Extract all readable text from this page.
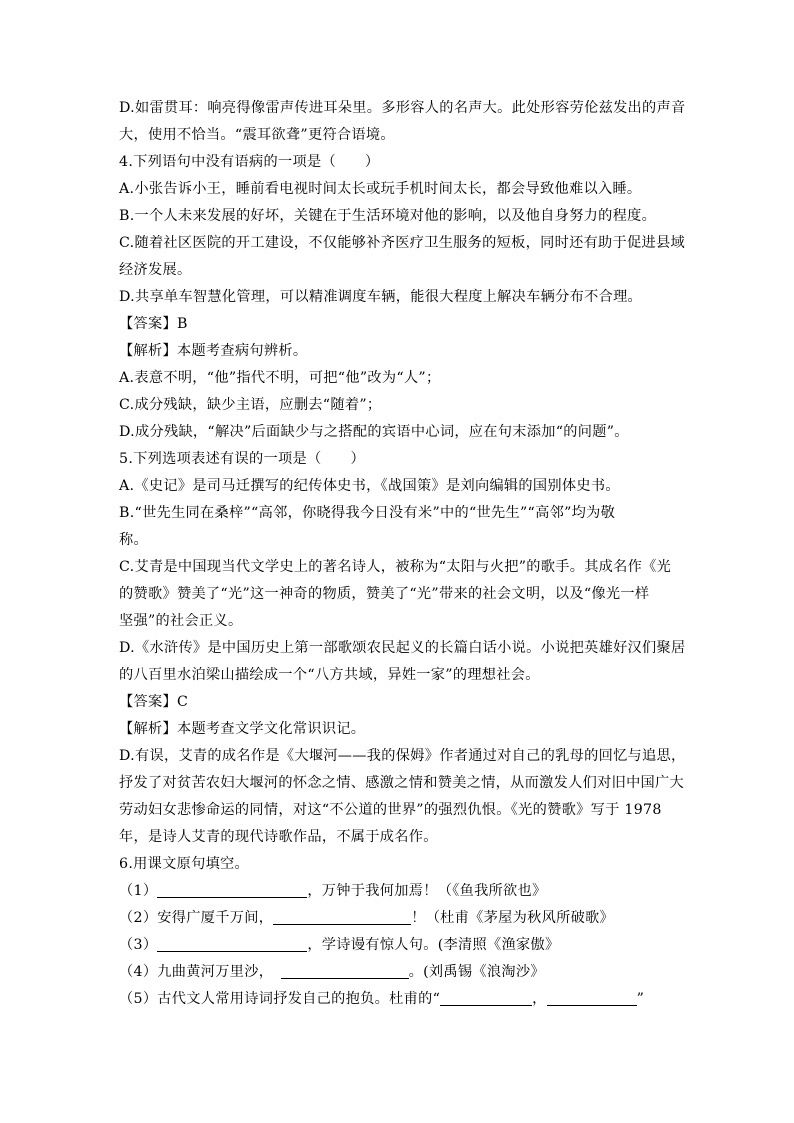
D.如雷贯耳：响亮得像雷声传进耳朵里。多形容人的名声大。此处形容劳伦兹发出的声音
大，使用不恰当。“震耳欲聋”更符合语境。
4.下列语句中没有语病的一项是（　　）
A.小张告诉小王，睡前看电视时间太长或玩手机时间太长，都会导致他难以入睡。
B.一个人未来发展的好坏，关键在于生活环境对他的影响，以及他自身努力的程度。
C.随着社区医院的开工建设，不仅能够补齐医疗卫生服务的短板，同时还有助于促进县域
经济发展。
D.共享单车智慧化管理，可以精准调度车辆，能很大程度上解决车辆分布不合理。
【答案】B
【解析】本题考查病句辨析。
A.表意不明，“他”指代不明，可把“他”改为“人”；
C.成分残缺，缺少主语，应删去“随着”；
D.成分残缺，“解决”后面缺少与之搭配的宾语中心词，应在句末添加“的问题”。
5.下列选项表述有误的一项是（　　）
A.《史记》是司马迁撰写的纪传体史书，《战国策》是刘向编辑的国别体史书。
B.“世先生同在桑梓”“高邻，你晓得我今日没有米”中的“世先生”“高邻”均为敬
称。
C.艾青是中国现当代文学史上的著名诗人，被称为“太阳与火把”的歌手。其成名作《光
的赞歌》赞美了“光”这一神奇的物质，赞美了“光”带来的社会文明，以及“像光一样
坚强”的社会正义。
D.《水浒传》是中国历史上第一部歌颂农民起义的长篇白话小说。小说把英雄好汉们聚居
的八百里水泊梁山描绘成一个“八方共域，异姓一家”的理想社会。
【答案】C
【解析】本题考查文学文化常识识记。
D.有误，艾青的成名作是《大堰河——我的保姆》作者通过对自己的乳母的回忆与追思，
抒发了对贫苦农妇大堰河的怀念之情、感激之情和赞美之情，从而激发人们对旧中国广大
劳动妇女悲惨命运的同情，对这“不公道的世界”的强烈仇恨。《光的赞歌》写于 1978
年，是诗人艾青的现代诗歌作品，不属于成名作。
6.用课文原句填空。
（1）	，万钟于我何加焉！（《鱼我所欲也》
（2）安得广厦千万间，	！（杜甫《茅屋为秋风所破歌》
（3）	，学诗谩有惊人句。(李清照《渔家傲》
（4）九曲黄河万里沙，　	。(刘禹锡《浪淘沙》
（5）古代文人常用诗词抒发自己的抱负。杜甫的“	，	”
